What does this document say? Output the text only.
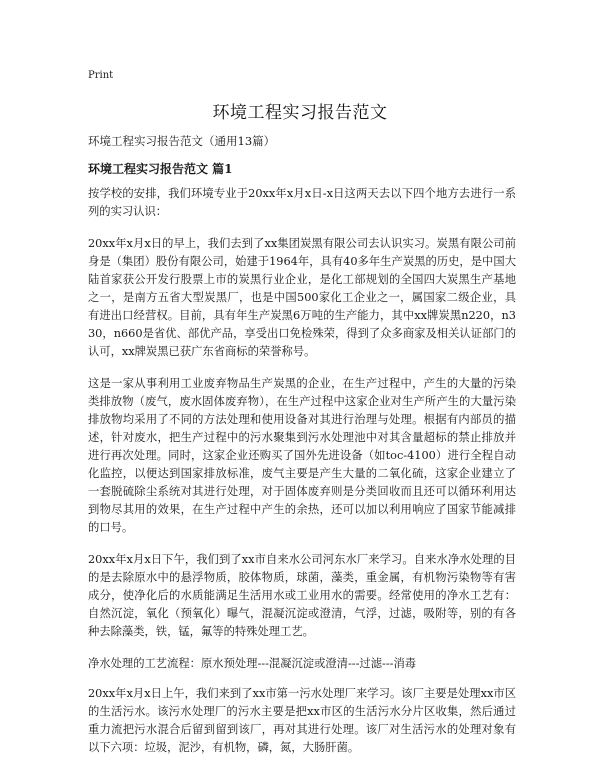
Print
环境工程实习报告范文
环境工程实习报告范文（通用13篇）
环境工程实习报告范文 篇1

按学校的安排，我们环境专业于20xx年x月x日-x日这两天去以下四个地方去进行一系列的实习认识：

20xx年x月x日的早上，我们去到了xx集团炭黑有限公司去认识实习。炭黑有限公司前身是（集团）股份有限公司，始建于1964年，具有40多年生产炭黑的历史，是中国大陆首家获公开发行股票上市的炭黑行业企业，是化工部规划的全国四大炭黑生产基地之一，是南方五省大型炭黑厂，也是中国500家化工企业之一，属国家二级企业，具有进出口经营权。目前，具有年生产炭黑6万吨的生产能力，其中xx牌炭黑n220，n330，n660是省优、部优产品，享受出口免检殊荣，得到了众多商家及相关认证部门的认可，xx牌炭黑已获广东省商标的荣誉称号。

这是一家从事利用工业废弃物品生产炭黑的企业，在生产过程中，产生的大量的污染类排放物（废气，废水固体废弃物），在生产过程中这家企业对生产所产生的大量污染排放物均采用了不同的方法处理和使用设备对其进行治理与处理。根据有内部员的描述，针对废水，把生产过程中的污水聚集到污水处理池中对其含量超标的禁止排放并进行再次处理。同时，这家企业还购买了国外先进设备（如toc-4100）进行全程自动化监控，以便达到国家排放标准，废气主要是产生大量的二氧化硫，这家企业建立了一套脱硫除尘系统对其进行处理，对于固体废弃则是分类回收而且还可以循环利用达到物尽其用的效果，在生产过程中产生的余热，还可以加以利用响应了国家节能减排的口号。

20xx年x月x日下午，我们到了xx市自来水公司河东水厂来学习。自来水净水处理的目的是去除原水中的悬浮物质，胶体物质，球菌，藻类，重金属，有机物污染物等有害成分，使净化后的水质能满足生活用水或工业用水的需要。经常使用的净水工艺有：自然沉淀，氧化（预氧化）曝气，混凝沉淀或澄清，气浮，过滤，吸附等，别的有各种去除藻类，铁，锰，氟等的特殊处理工艺。

净水处理的工艺流程：原水预处理---混凝沉淀或澄清---过滤---消毒

20xx年x月x日上午，我们来到了xx市第一污水处理厂来学习。该厂主要是处理xx市区的生活污水。该污水处理厂的污水主要是把xx市区的生活污水分片区收集，然后通过重力流把污水混合后留到留到该厂，再对其进行处理。该厂对生活污水的处理对象有以下六项：垃圾，泥沙，有机物，磷，氮，大肠肝菌。
